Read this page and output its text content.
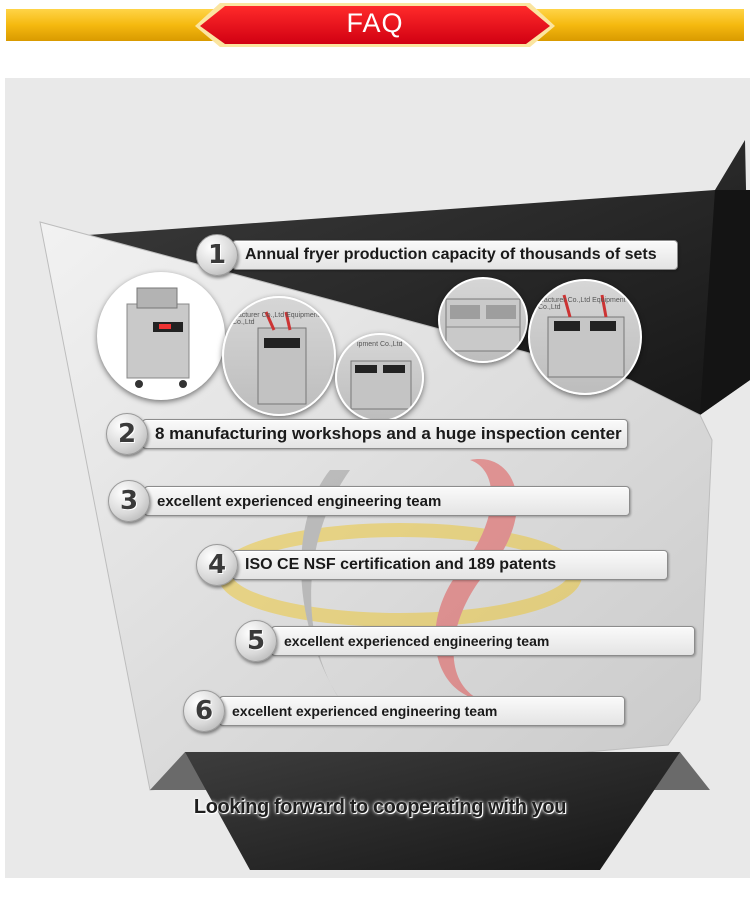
FAQ
ufacturer Co.,Ltd Equipment Co.,Ltd
ipment Co.,Ltd
ufacturer Co.,Ltd Equipment Co.,Ltd
1	Annual fryer production capacity of thousands of sets
2	8 manufacturing workshops and a huge inspection center
3	excellent experienced engineering team
4	ISO CE NSF certification and 189 patents
5	excellent experienced engineering team
6	excellent experienced engineering team
Looking forward to cooperating with you
